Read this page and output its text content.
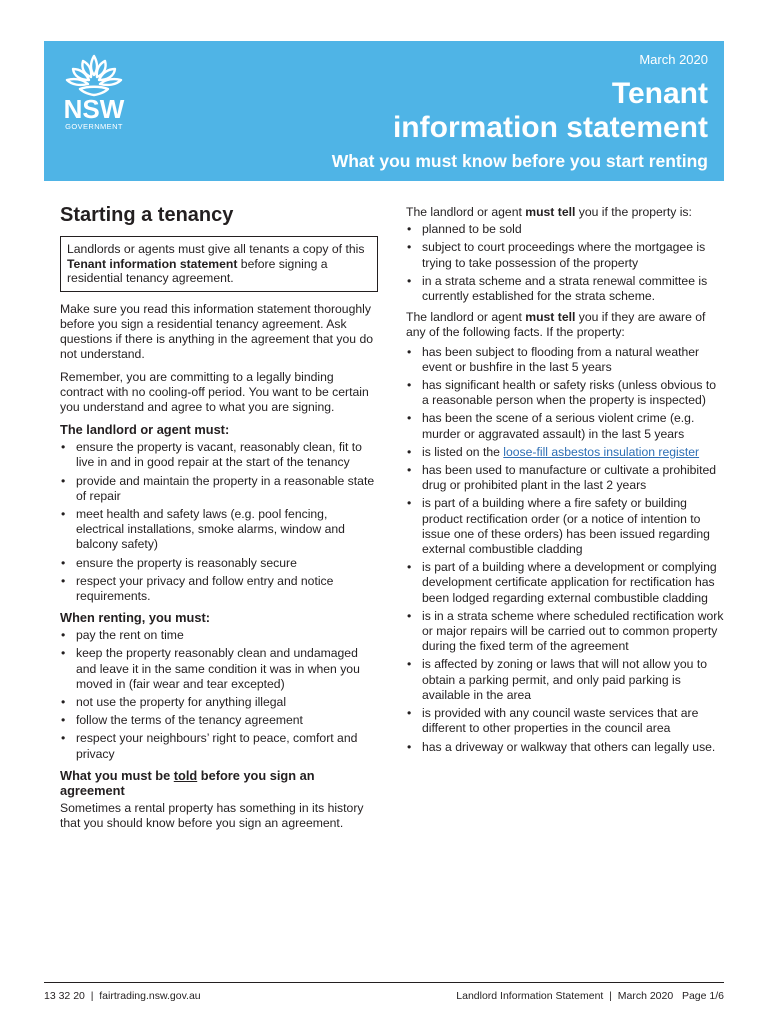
NSW
GOVERNMENT
March 2020
Tenant
information statement
What you must know before you start renting
Starting a tenancy
Landlords or agents must give all tenants a copy of this Tenant information statement before signing a residential tenancy agreement.

Make sure you read this information statement thoroughly before you sign a residential tenancy agreement. Ask questions if there is anything in the agreement that you do not understand.

Remember, you are committing to a legally binding contract with no cooling-off period. You want to be certain you understand and agree to what you are signing.

The landlord or agent must:
• ensure the property is vacant, reasonably clean, fit to live in and in good repair at the start of the tenancy
• provide and maintain the property in a reasonable state of repair
• meet health and safety laws (e.g. pool fencing, electrical installations, smoke alarms, window and balcony safety)
• ensure the property is reasonably secure
• respect your privacy and follow entry and notice requirements.
When renting, you must:
• pay the rent on time
• keep the property reasonably clean and undamaged and leave it in the same condition it was in when you moved in (fair wear and tear excepted)
• not use the property for anything illegal
• follow the terms of the tenancy agreement
• respect your neighbours’ right to peace, comfort and privacy
What you must be told before you sign an agreement

Sometimes a rental property has something in its history that you should know before you sign an agreement.

The landlord or agent must tell you if the property is:

• planned to be sold
• subject to court proceedings where the mortgagee is trying to take possession of the property
• in a strata scheme and a strata renewal committee is currently established for the strata scheme.

The landlord or agent must tell you if they are aware of any of the following facts. If the property:

• has been subject to flooding from a natural weather event or bushfire in the last 5 years
• has significant health or safety risks (unless obvious to a reasonable person when the property is inspected)
• has been the scene of a serious violent crime (e.g. murder or aggravated assault) in the last 5 years
• is listed on the loose-fill asbestos insulation register
• has been used to manufacture or cultivate a prohibited drug or prohibited plant in the last 2 years
• is part of a building where a fire safety or building product rectification order (or a notice of intention to issue one of these orders) has been issued regarding external combustible cladding
• is part of a building where a development or complying development certificate application for rectification has been lodged regarding external combustible cladding
• is in a strata scheme where scheduled rectification work or major repairs will be carried out to common property during the fixed term of the agreement
• is affected by zoning or laws that will not allow you to obtain a parking permit, and only paid parking is available in the area
• is provided with any council waste services that are different to other properties in the council area
• has a driveway or walkway that others can legally use.
13 32 20  |  fairtrading.nsw.gov.au	Landlord Information Statement  |  March 2020   Page 1/6
